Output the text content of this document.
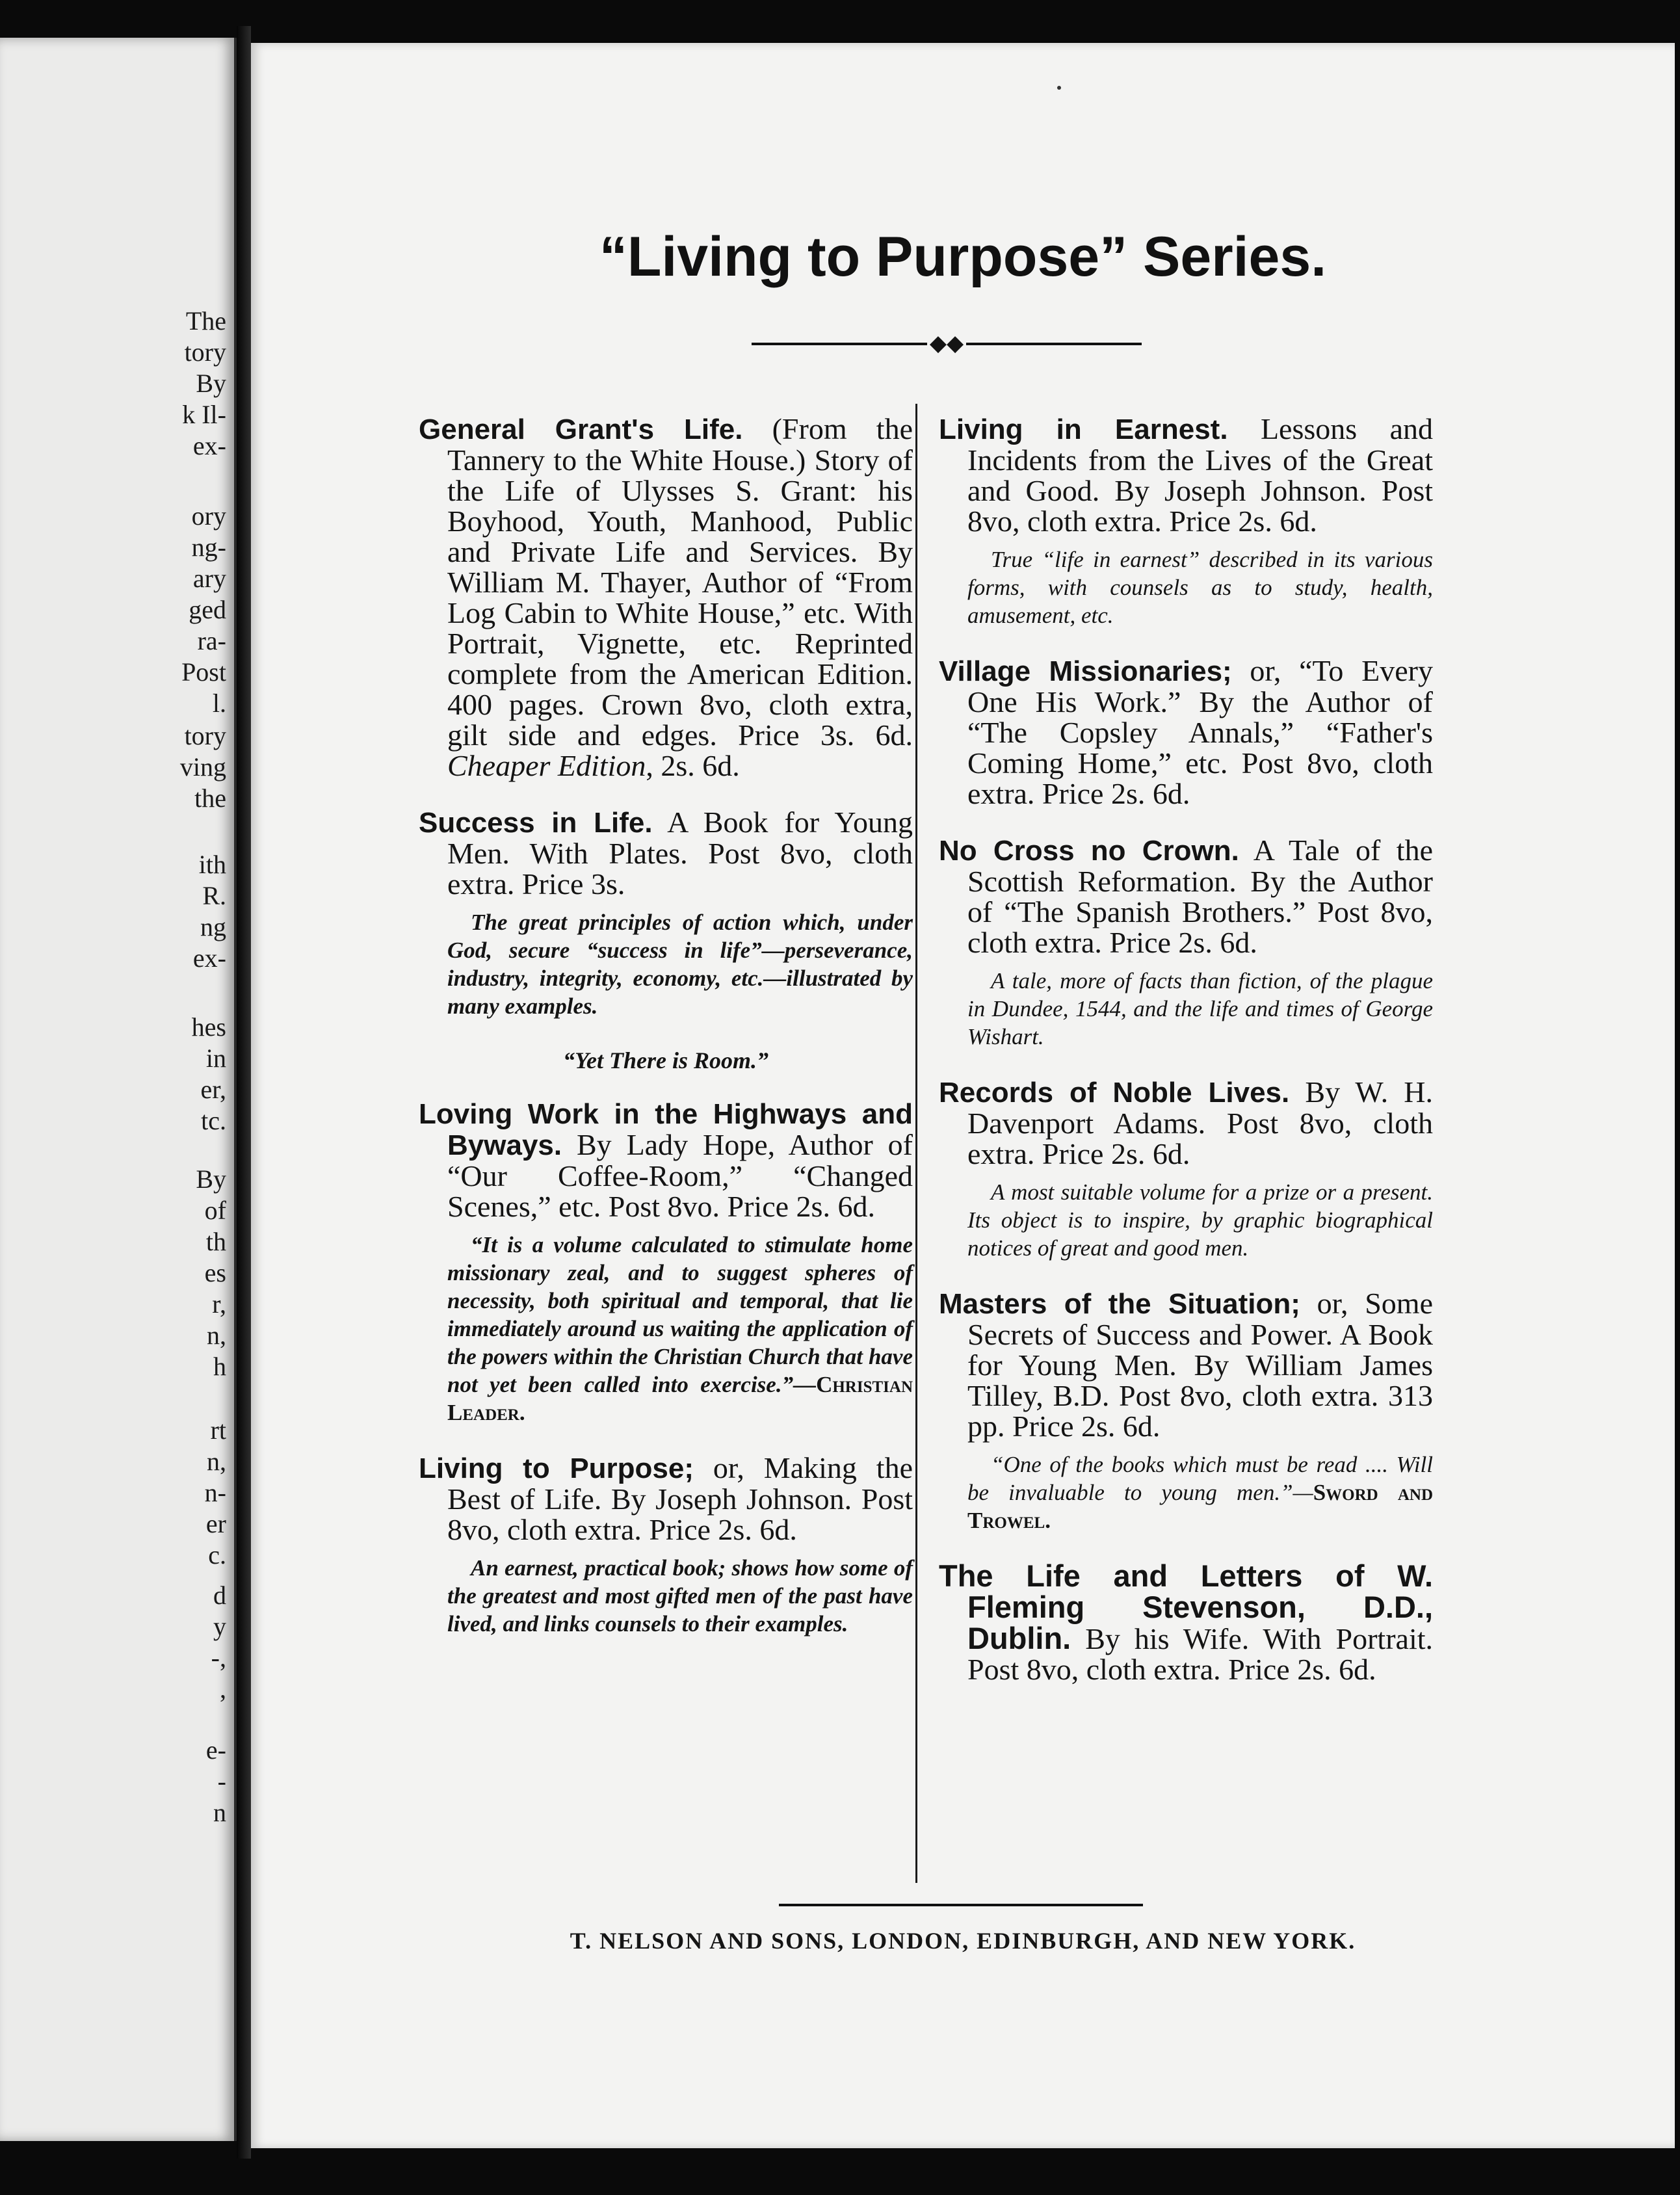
The

tory

By

k Il-

ex-

ory

ng-

ary

ged

ra-

Post

l.

tory

ving

the

ith

R.

ng

ex-

hes

in

er,

tc.

By

of

th

es

r,

n,

h

rt

n,

n-

er

c.

d

y

-,

,

e-

-

n

“Living to Purpose” Series.
◆◆

General Grant's Life. (From the Tannery to the White House.) Story of the Life of Ulysses S. Grant: his Boyhood, Youth, Manhood, Public and Private Life and Services. By William M. Thayer, Author of “From Log Cabin to White House,” etc. With Portrait, Vignette, etc. Reprinted complete from the American Edition. 400 pages. Crown 8vo, cloth extra, gilt side and edges. Price 3s. 6d. Cheaper Edition, 2s. 6d.

Success in Life. A Book for Young Men. With Plates. Post 8vo, cloth extra. Price 3s.

The great principles of action which, under God, secure “success in life”—perseverance, industry, integrity, economy, etc.—illustrated by many examples.

“Yet There is Room.”

Loving Work in the Highways and Byways. By Lady Hope, Author of “Our Coffee-Room,” “Changed Scenes,” etc. Post 8vo. Price 2s. 6d.

“It is a volume calculated to stimulate home missionary zeal, and to suggest spheres of necessity, both spiritual and temporal, that lie immediately around us waiting the application of the powers within the Christian Church that have not yet been called into exercise.”—Christian Leader.

Living to Purpose; or, Making the Best of Life. By Joseph Johnson. Post 8vo, cloth extra. Price 2s. 6d.

An earnest, practical book; shows how some of the greatest and most gifted men of the past have lived, and links counsels to their examples.

Living in Earnest. Lessons and Incidents from the Lives of the Great and Good. By Joseph Johnson. Post 8vo, cloth extra. Price 2s. 6d.

True “life in earnest” described in its various forms, with counsels as to study, health, amusement, etc.

Village Missionaries; or, “To Every One His Work.” By the Author of “The Copsley Annals,” “Father's Coming Home,” etc. Post 8vo, cloth extra. Price 2s. 6d.

No Cross no Crown. A Tale of the Scottish Reformation. By the Author of “The Spanish Brothers.” Post 8vo, cloth extra. Price 2s. 6d.

A tale, more of facts than fiction, of the plague in Dundee, 1544, and the life and times of George Wishart.

Records of Noble Lives. By W. H. Davenport Adams. Post 8vo, cloth extra. Price 2s. 6d.

A most suitable volume for a prize or a present. Its object is to inspire, by graphic biographical notices of great and good men.

Masters of the Situation; or, Some Secrets of Success and Power. A Book for Young Men. By William James Tilley, B.D. Post 8vo, cloth extra. 313 pp. Price 2s. 6d.

“One of the books which must be read .... Will be invaluable to young men.”—Sword and Trowel.

The Life and Letters of W. Fleming Stevenson, D.D., Dublin. By his Wife. With Portrait. Post 8vo, cloth extra. Price 2s. 6d.

T. NELSON AND SONS, LONDON, EDINBURGH, AND NEW YORK.
